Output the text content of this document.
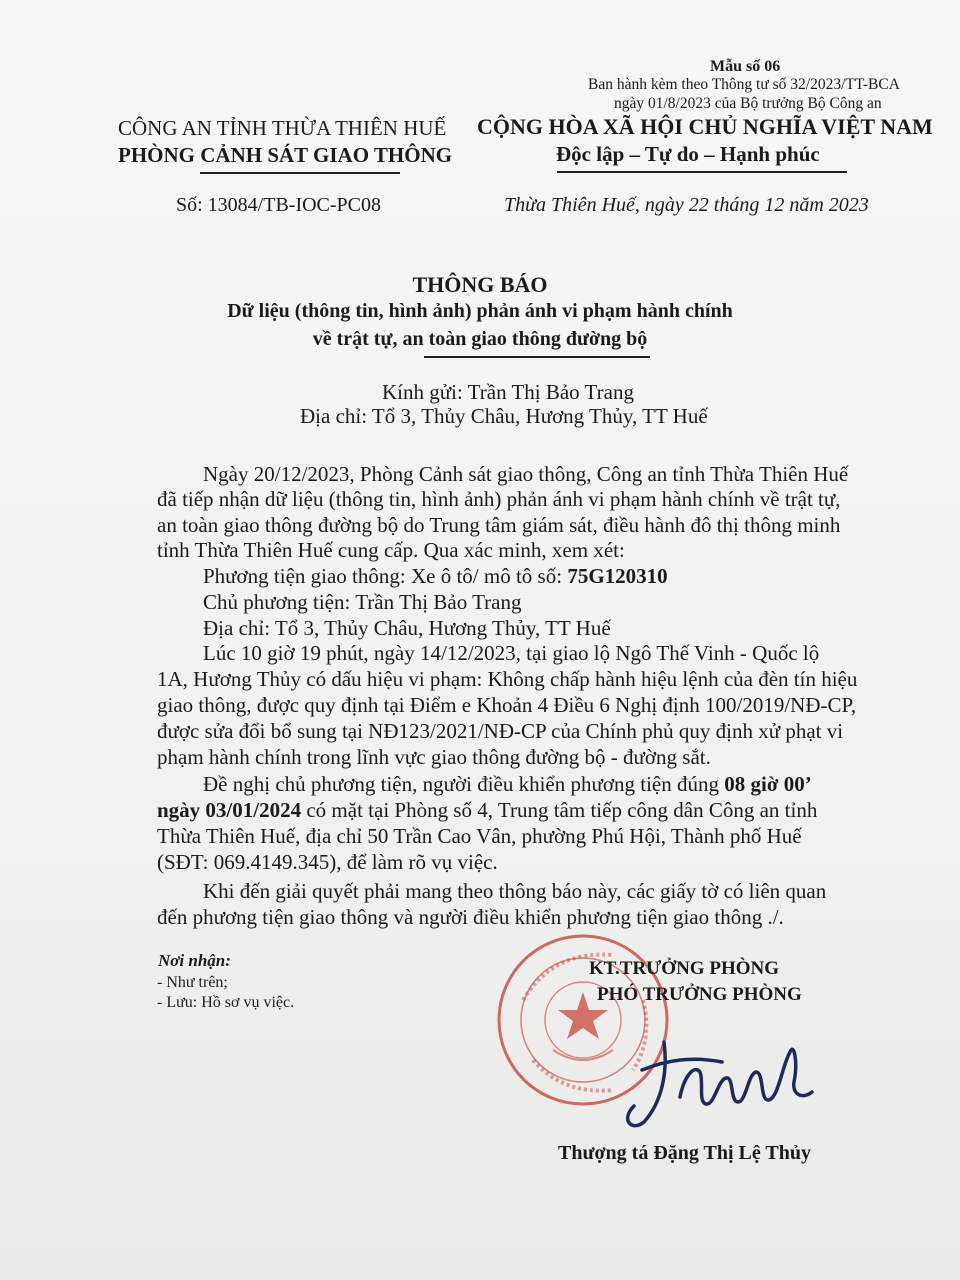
Mẫu số 06
Ban hành kèm theo Thông tư số 32/2023/TT-BCA
ngày 01/8/2023 của Bộ trưởng Bộ Công an
CÔNG AN TỈNH THỪA THIÊN HUẾ
PHÒNG CẢNH SÁT GIAO THÔNG
CỘNG HÒA XÃ HỘI CHỦ NGHĨA VIỆT NAM
Độc lập – Tự do – Hạnh phúc
Số: 13084/TB-IOC-PC08	Thừa Thiên Huế, ngày 22 tháng 12 năm 2023
THÔNG BÁO
Dữ liệu (thông tin, hình ảnh) phản ánh vi phạm hành chính
về trật tự, an toàn giao thông đường bộ
Kính gửi: Trần Thị Bảo Trang
Địa chỉ: Tổ 3, Thủy Châu, Hương Thủy, TT Huế
Ngày 20/12/2023, Phòng Cảnh sát giao thông, Công an tỉnh Thừa Thiên Huế
đã tiếp nhận dữ liệu (thông tin, hình ảnh) phản ánh vi phạm hành chính về trật tự,
an toàn giao thông đường bộ do Trung tâm giám sát, điều hành đô thị thông minh
tỉnh Thừa Thiên Huế cung cấp. Qua xác minh, xem xét:
Phương tiện giao thông: Xe ô tô/ mô tô số: 75G120310
Chủ phương tiện: Trần Thị Bảo Trang
Địa chỉ: Tổ 3, Thủy Châu, Hương Thủy, TT Huế
Lúc 10 giờ 19 phút, ngày 14/12/2023, tại giao lộ Ngô Thế Vinh - Quốc lộ
1A, Hương Thủy có dấu hiệu vi phạm: Không chấp hành hiệu lệnh của đèn tín hiệu
giao thông, được quy định tại Điểm e Khoản 4 Điều 6 Nghị định 100/2019/NĐ-CP,
được sửa đổi bổ sung tại NĐ123/2021/NĐ-CP của Chính phủ quy định xử phạt vi
phạm hành chính trong lĩnh vực giao thông đường bộ - đường sắt.
Đề nghị chủ phương tiện, người điều khiển phương tiện đúng 08 giờ 00’
ngày 03/01/2024 có mặt tại Phòng số 4, Trung tâm tiếp công dân Công an tỉnh
Thừa Thiên Huế, địa chỉ 50 Trần Cao Vân, phường Phú Hội, Thành phố Huế
(SĐT: 069.4149.345), để làm rõ vụ việc.
Khi đến giải quyết phải mang theo thông báo này, các giấy tờ có liên quan
đến phương tiện giao thông và người điều khiển phương tiện giao thông ./.
Nơi nhận:
- Như trên;
- Lưu: Hồ sơ vụ việc.
KT.TRƯỞNG PHÒNG
PHÓ TRƯỞNG PHÒNG
Thượng tá Đặng Thị Lệ Thủy
